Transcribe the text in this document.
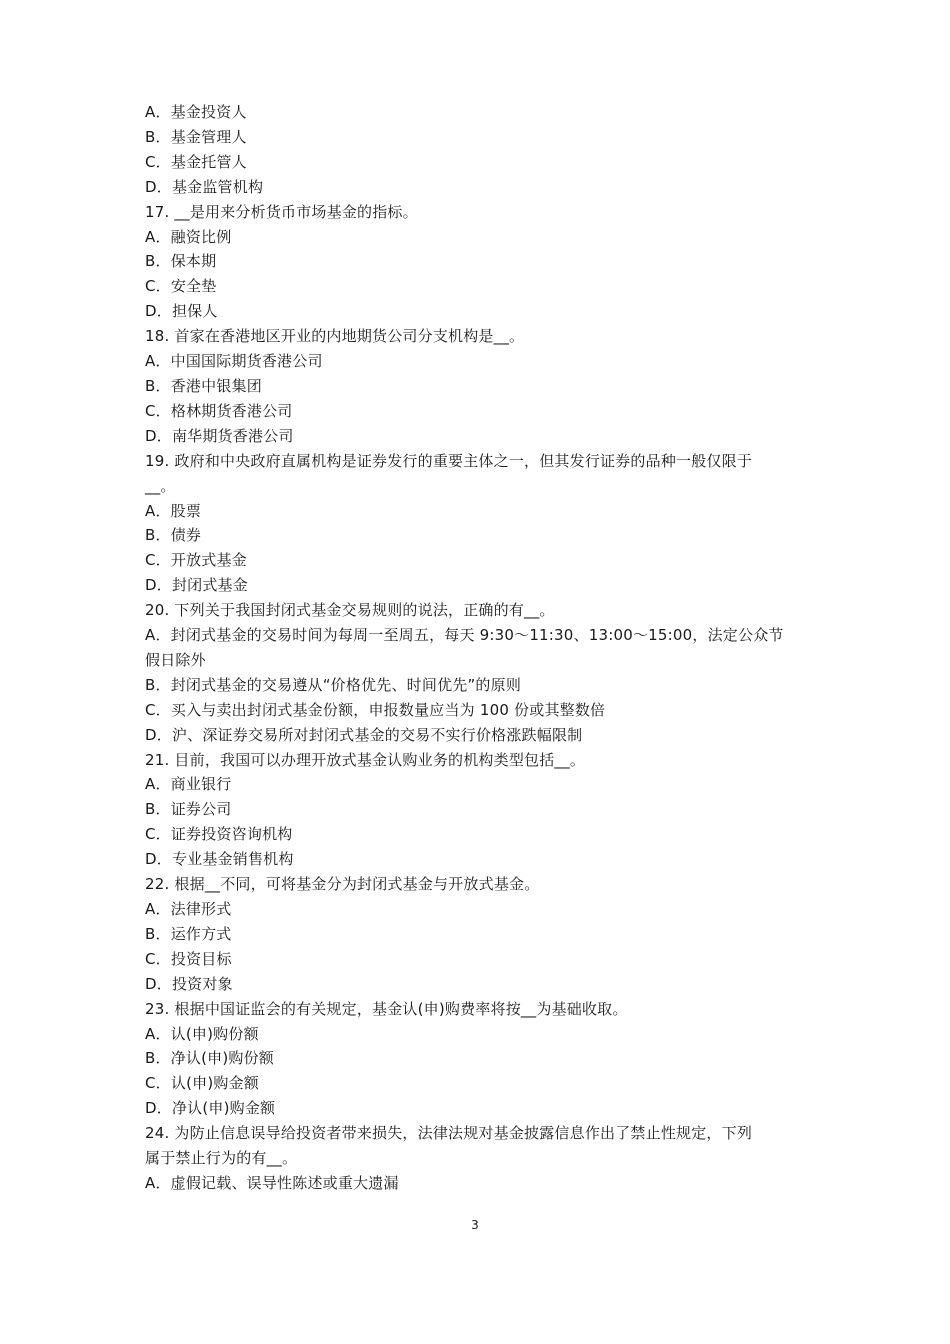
A．基金投资人
B．基金管理人
C．基金托管人
D．基金监管机构
17. __是用来分析货币市场基金的指标。
A．融资比例
B．保本期
C．安全垫
D．担保人
18. 首家在香港地区开业的内地期货公司分支机构是__。
A．中国国际期货香港公司
B．香港中银集团
C．格林期货香港公司
D．南华期货香港公司
19. 政府和中央政府直属机构是证券发行的重要主体之一，但其发行证券的品种一般仅限于
__。
A．股票
B．债券
C．开放式基金
D．封闭式基金
20. 下列关于我国封闭式基金交易规则的说法，正确的有__。
A．封闭式基金的交易时间为每周一至周五，每天 9:30～11:30、13:00～15:00，法定公众节
假日除外
B．封闭式基金的交易遵从“价格优先、时间优先”的原则
C．买入与卖出封闭式基金份额，申报数量应当为 100 份或其整数倍
D．沪、深证券交易所对封闭式基金的交易不实行价格涨跌幅限制
21. 目前，我国可以办理开放式基金认购业务的机构类型包括__。
A．商业银行
B．证券公司
C．证券投资咨询机构
D．专业基金销售机构
22. 根据__不同，可将基金分为封闭式基金与开放式基金。
A．法律形式
B．运作方式
C．投资目标
D．投资对象
23. 根据中国证监会的有关规定，基金认(申)购费率将按__为基础收取。
A．认(申)购份额
B．净认(申)购份额
C．认(申)购金额
D．净认(申)购金额
24. 为防止信息误导给投资者带来损失，法律法规对基金披露信息作出了禁止性规定，下列
属于禁止行为的有__。
A．虚假记载、误导性陈述或重大遗漏
3
